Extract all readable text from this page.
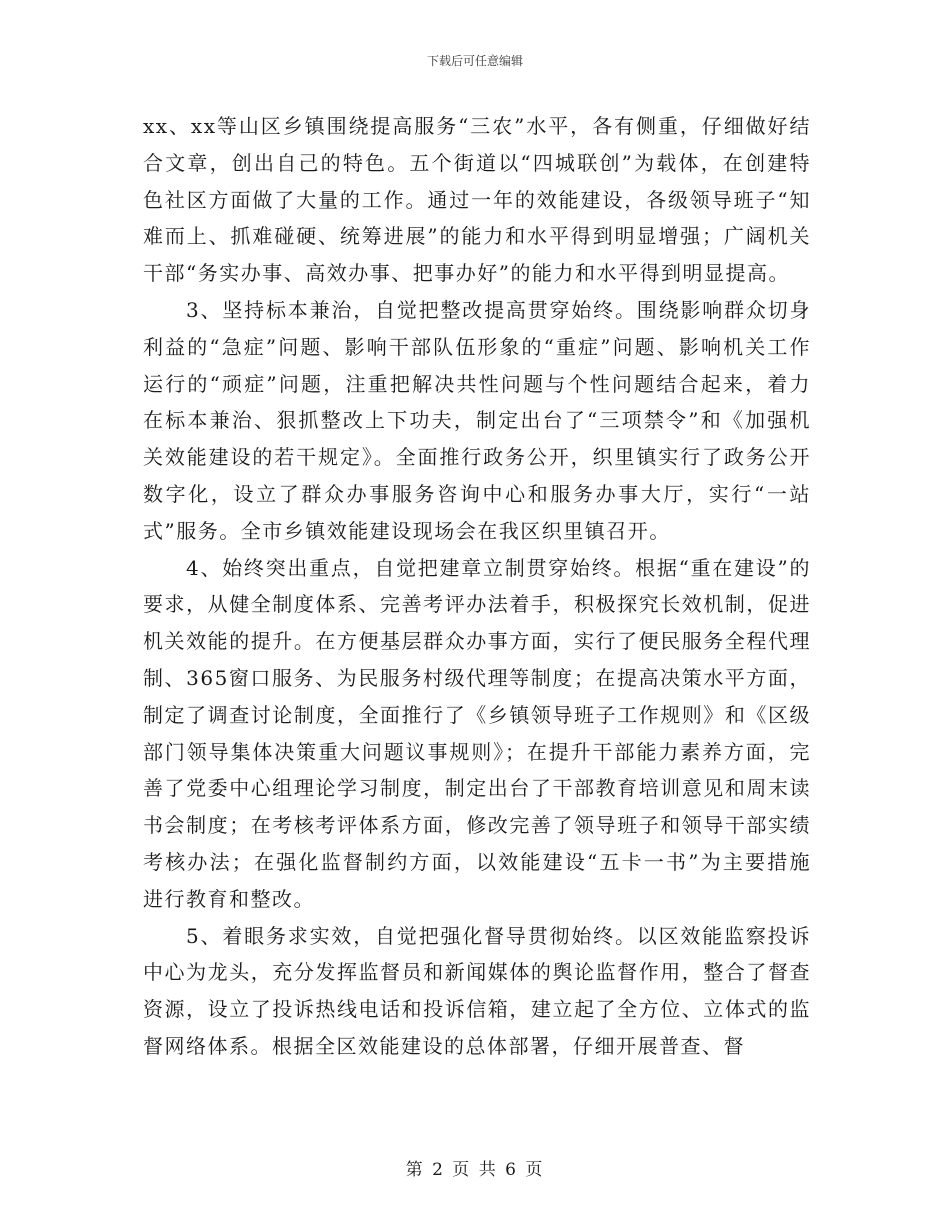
下载后可任意编辑

xx、xx等山区乡镇围绕提高服务“三农”水平，各有侧重，仔细做好结合文章，创出自己的特色。五个街道以“四城联创”为载体，在创建特色社区方面做了大量的工作。通过一年的效能建设，各级领导班子“知难而上、抓难碰硬、统筹进展”的能力和水平得到明显增强；广阔机关干部“务实办事、高效办事、把事办好”的能力和水平得到明显提高。

3、坚持标本兼治，自觉把整改提高贯穿始终。围绕影响群众切身利益的“急症”问题、影响干部队伍形象的“重症”问题、影响机关工作运行的“顽症”问题，注重把解决共性问题与个性问题结合起来，着力在标本兼治、狠抓整改上下功夫，制定出台了“三项禁令”和《加强机关效能建设的若干规定》。全面推行政务公开，织里镇实行了政务公开数字化，设立了群众办事服务咨询中心和服务办事大厅，实行“一站式”服务。全市乡镇效能建设现场会在我区织里镇召开。

4、始终突出重点，自觉把建章立制贯穿始终。根据“重在建设”的要求，从健全制度体系、完善考评办法着手，积极探究长效机制，促进机关效能的提升。在方便基层群众办事方面，实行了便民服务全程代理制、365窗口服务、为民服务村级代理等制度；在提高决策水平方面，制定了调查讨论制度，全面推行了《乡镇领导班子工作规则》和《区级部门领导集体决策重大问题议事规则》；在提升干部能力素养方面，完善了党委中心组理论学习制度，制定出台了干部教育培训意见和周末读书会制度；在考核考评体系方面，修改完善了领导班子和领导干部实绩考核办法；在强化监督制约方面，以效能建设“五卡一书”为主要措施进行教育和整改。

5、着眼务求实效，自觉把强化督导贯彻始终。以区效能监察投诉中心为龙头，充分发挥监督员和新闻媒体的舆论监督作用，整合了督查资源，设立了投诉热线电话和投诉信箱，建立起了全方位、立体式的监督网络体系。根据全区效能建设的总体部署，仔细开展普查、督

第 2 页 共 6 页
